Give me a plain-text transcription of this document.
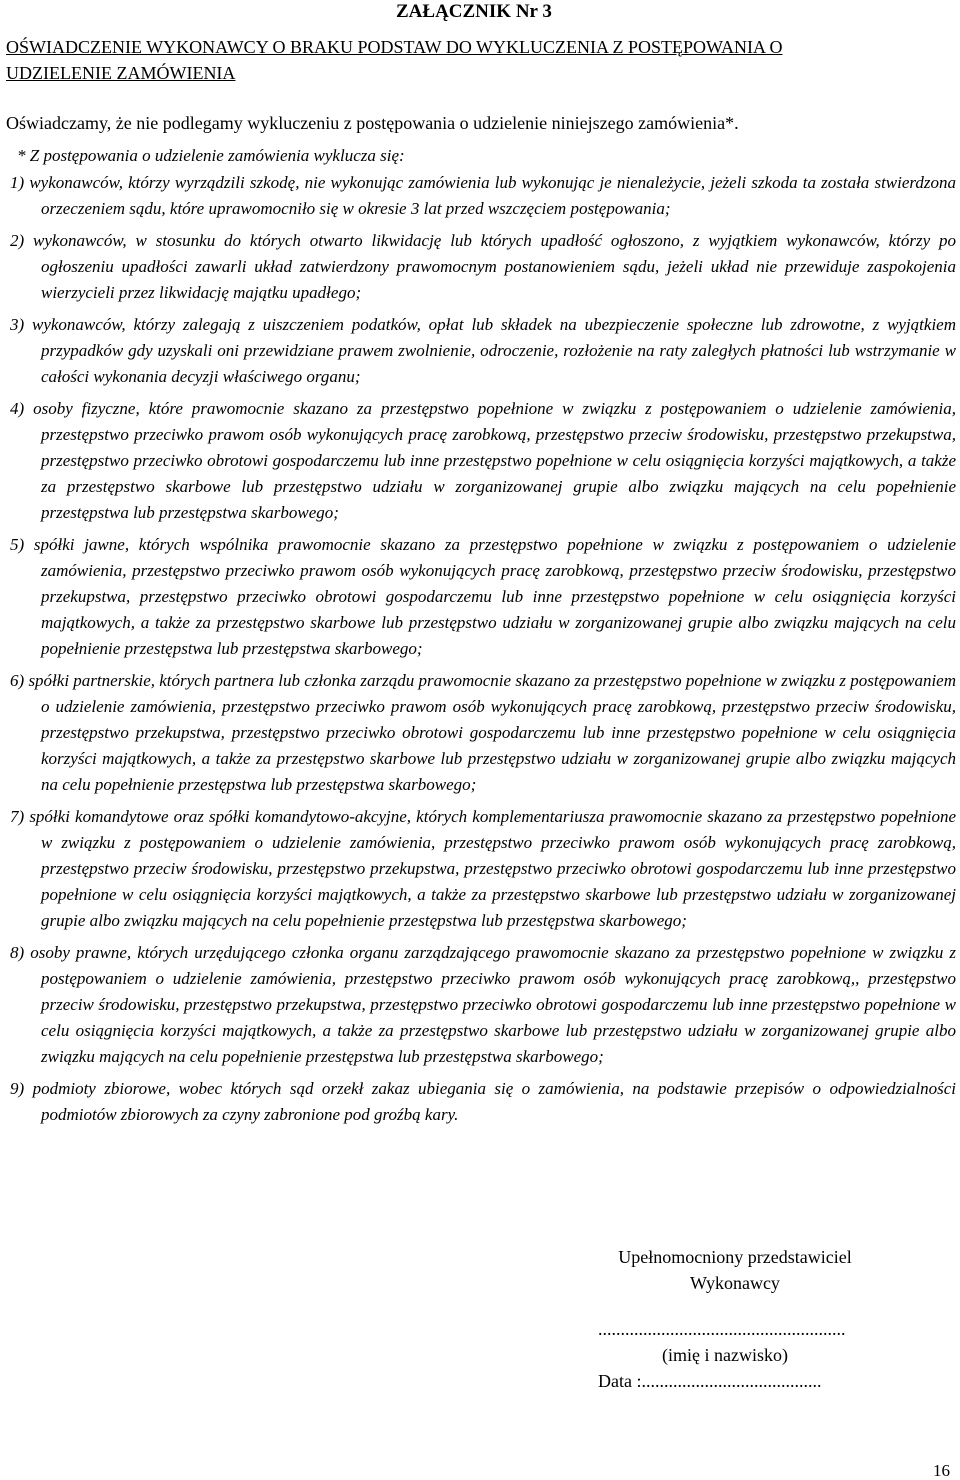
ZAŁĄCZNIK Nr 3
OŚWIADCZENIE WYKONAWCY O BRAKU PODSTAW DO WYKLUCZENIA Z POSTĘPOWANIA O
UDZIELENIE ZAMÓWIENIA
Oświadczamy, że nie podlegamy wykluczeniu z postępowania o udzielenie niniejszego zamówienia*.
* Z postępowania o udzielenie zamówienia wyklucza się:
1) wykonawców, którzy wyrządzili szkodę, nie wykonując zamówienia lub wykonując je nienależycie, jeżeli szkoda ta została stwierdzona orzeczeniem sądu, które uprawomocniło się w okresie 3 lat przed wszczęciem postępowania;
2) wykonawców, w stosunku do których otwarto likwidację lub których upadłość ogłoszono, z wyjątkiem wykonawców, którzy po ogłoszeniu upadłości zawarli układ zatwierdzony prawomocnym postanowieniem sądu, jeżeli układ nie przewiduje zaspokojenia wierzycieli przez likwidację majątku upadłego;
3) wykonawców, którzy zalegają z uiszczeniem podatków, opłat lub składek na ubezpieczenie społeczne lub zdrowotne, z wyjątkiem przypadków gdy uzyskali oni przewidziane prawem zwolnienie, odroczenie, rozłożenie na raty zaległych płatności lub wstrzymanie w całości wykonania decyzji właściwego organu;
4) osoby fizyczne, które prawomocnie skazano za przestępstwo popełnione w związku z postępowaniem o udzielenie zamówienia, przestępstwo przeciwko prawom osób wykonujących pracę zarobkową, przestępstwo przeciw środowisku, przestępstwo przekupstwa, przestępstwo przeciwko obrotowi gospodarczemu lub inne przestępstwo popełnione w celu osiągnięcia korzyści majątkowych, a także za przestępstwo skarbowe lub przestępstwo udziału w zorganizowanej grupie albo związku mających na celu popełnienie przestępstwa lub przestępstwa skarbowego;
5) spółki jawne, których wspólnika prawomocnie skazano za przestępstwo popełnione w związku z postępowaniem o udzielenie zamówienia, przestępstwo przeciwko prawom osób wykonujących pracę zarobkową, przestępstwo przeciw środowisku, przestępstwo przekupstwa, przestępstwo przeciwko obrotowi gospodarczemu lub inne przestępstwo popełnione w celu osiągnięcia korzyści majątkowych, a także za przestępstwo skarbowe lub przestępstwo udziału w zorganizowanej grupie albo związku mających na celu popełnienie przestępstwa lub przestępstwa skarbowego;
6) spółki partnerskie, których partnera lub członka zarządu prawomocnie skazano za przestępstwo popełnione w związku z postępowaniem o udzielenie zamówienia, przestępstwo przeciwko prawom osób wykonujących pracę zarobkową, przestępstwo przeciw środowisku, przestępstwo przekupstwa, przestępstwo przeciwko obrotowi gospodarczemu lub inne przestępstwo popełnione w celu osiągnięcia korzyści majątkowych, a także za przestępstwo skarbowe lub przestępstwo udziału w zorganizowanej grupie albo związku mających na celu popełnienie przestępstwa lub przestępstwa skarbowego;
7) spółki komandytowe oraz spółki komandytowo-akcyjne, których komplementariusza prawomocnie skazano za przestępstwo popełnione w związku z postępowaniem o udzielenie zamówienia, przestępstwo przeciwko prawom osób wykonujących pracę zarobkową, przestępstwo przeciw środowisku, przestępstwo przekupstwa, przestępstwo przeciwko obrotowi gospodarczemu lub inne przestępstwo popełnione w celu osiągnięcia korzyści majątkowych, a także za przestępstwo skarbowe lub przestępstwo udziału w zorganizowanej grupie albo związku mających na celu popełnienie przestępstwa lub przestępstwa skarbowego;
8) osoby prawne, których urzędującego członka organu zarządzającego prawomocnie skazano za przestępstwo popełnione w związku z postępowaniem o udzielenie zamówienia, przestępstwo przeciwko prawom osób wykonujących pracę zarobkową,, przestępstwo przeciw środowisku, przestępstwo przekupstwa, przestępstwo przeciwko obrotowi gospodarczemu lub inne przestępstwo popełnione w celu osiągnięcia korzyści majątkowych, a także za przestępstwo skarbowe lub przestępstwo udziału w zorganizowanej grupie albo związku mających na celu popełnienie przestępstwa lub przestępstwa skarbowego;
9) podmioty zbiorowe, wobec których sąd orzekł zakaz ubiegania się o zamówienia, na podstawie przepisów o odpowiedzialności podmiotów zbiorowych za czyny zabronione pod groźbą kary.
Upełnomocniony przedstawiciel
Wykonawcy
.......................................................
(imię i nazwisko)
Data :........................................
16
